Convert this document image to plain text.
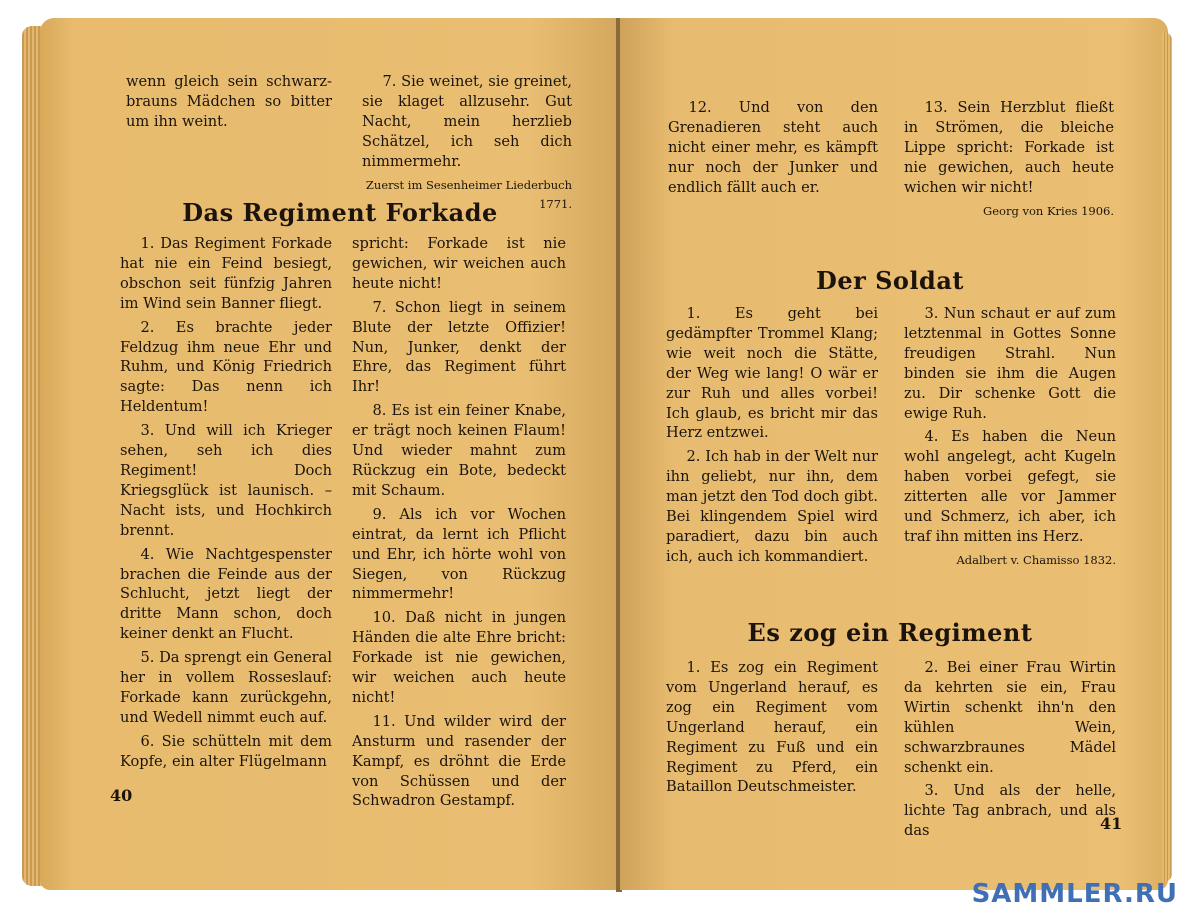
wenn gleich sein schwarz-brauns Mädchen so bitter um ihn weint.

7. Sie weinet, sie greinet, sie klaget allzusehr. Gut Nacht, mein herzlieb Schätzel, ich seh dich nimmermehr.

Zuerst im Sesenheimer Liederbuch 1771.
Das Regiment Forkade

1. Das Regiment Forkade hat nie ein Feind besiegt, obschon seit fünfzig Jahren im Wind sein Banner fliegt.

2. Es brachte jeder Feldzug ihm neue Ehr und Ruhm, und König Friedrich sagte: Das nenn ich Heldentum!

3. Und will ich Krieger sehen, seh ich dies Regiment! Doch Kriegsglück ist launisch. – Nacht ists, und Hochkirch brennt.

4. Wie Nachtgespenster brachen die Feinde aus der Schlucht, jetzt liegt der dritte Mann schon, doch keiner denkt an Flucht.

5. Da sprengt ein General her in vollem Rosseslauf: Forkade kann zurückgehn, und Wedell nimmt euch auf.

6. Sie schütteln mit dem Kopfe, ein alter Flügelmann

spricht: Forkade ist nie gewichen, wir weichen auch heute nicht!

7. Schon liegt in seinem Blute der letzte Offizier! Nun, Junker, denkt der Ehre, das Regiment führt Ihr!

8. Es ist ein feiner Knabe, er trägt noch keinen Flaum! Und wieder mahnt zum Rückzug ein Bote, bedeckt mit Schaum.

9. Als ich vor Wochen eintrat, da lernt ich Pflicht und Ehr, ich hörte wohl von Siegen, von Rückzug nimmermehr!

10. Daß nicht in jungen Händen die alte Ehre bricht: Forkade ist nie gewichen, wir weichen auch heute nicht!

11. Und wilder wird der Ansturm und rasender der Kampf, es dröhnt die Erde von Schüssen und der Schwadron Gestampf.

40

12. Und von den Grenadieren steht auch nicht einer mehr, es kämpft nur noch der Junker und endlich fällt auch er.

13. Sein Herzblut fließt in Strömen, die bleiche Lippe spricht: Forkade ist nie gewichen, auch heute wichen wir nicht!

Georg von Kries 1906.
Der Soldat

1. Es geht bei gedämpfter Trommel Klang; wie weit noch die Stätte, der Weg wie lang! O wär er zur Ruh und alles vorbei! Ich glaub, es bricht mir das Herz entzwei.

2. Ich hab in der Welt nur ihn geliebt, nur ihn, dem man jetzt den Tod doch gibt. Bei klingendem Spiel wird paradiert, dazu bin auch ich, auch ich kommandiert.

3. Nun schaut er auf zum letztenmal in Gottes Sonne freudigen Strahl. Nun binden sie ihm die Augen zu. Dir schenke Gott die ewige Ruh.

4. Es haben die Neun wohl angelegt, acht Kugeln haben vorbei gefegt, sie zitterten alle vor Jammer und Schmerz, ich aber, ich traf ihn mitten ins Herz.

Adalbert v. Chamisso 1832.
Es zog ein Regiment

1. Es zog ein Regiment vom Ungerland herauf, es zog ein Regiment vom Ungerland herauf, ein Regiment zu Fuß und ein Regiment zu Pferd, ein Bataillon Deutschmeister.

2. Bei einer Frau Wirtin da kehrten sie ein, Frau Wirtin schenkt ihn'n den kühlen Wein, schwarzbraunes Mädel schenkt ein.

3. Und als der helle, lichte Tag anbrach, und als das	41
SAMMLER.RU
